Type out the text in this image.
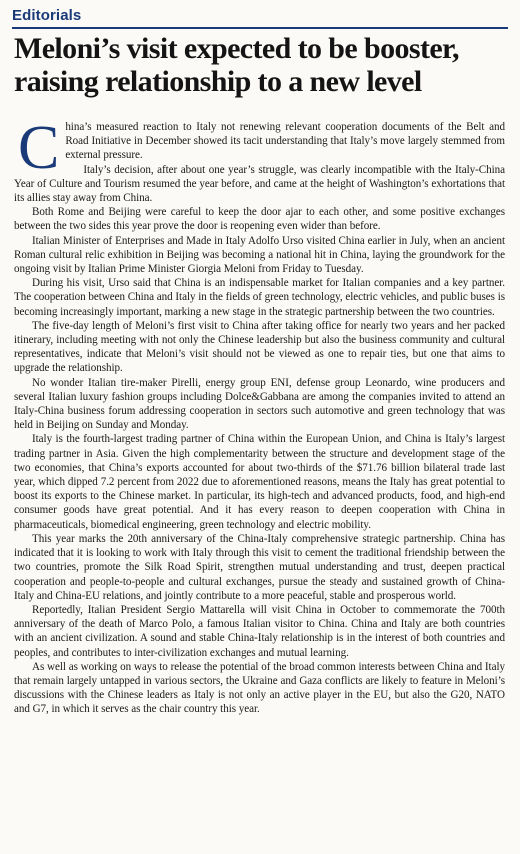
Editorials
Meloni’s visit expected to be booster, raising relationship to a new level

China’s measured reaction to Italy not renewing relevant cooperation documents of the Belt and Road Initiative in December showed its tacit understanding that Italy’s move largely stemmed from external pressure.

Italy’s decision, after about one year’s struggle, was clearly incompatible with the Italy-China Year of Culture and Tourism resumed the year before, and came at the height of Washington’s exhortations that its allies stay away from China.

Both Rome and Beijing were careful to keep the door ajar to each other, and some positive exchanges between the two sides this year prove the door is reopening even wider than before.

Italian Minister of Enterprises and Made in Italy Adolfo Urso visited China earlier in July, when an ancient Roman cultural relic exhibition in Beijing was becoming a national hit in China, laying the groundwork for the ongoing visit by Italian Prime Minister Giorgia Meloni from Friday to Tuesday.

During his visit, Urso said that China is an indispensable market for Italian companies and a key partner. The cooperation between China and Italy in the fields of green technology, electric vehicles, and public buses is becoming increasingly important, marking a new stage in the strategic partnership between the two countries.

The five-day length of Meloni’s first visit to China after taking office for nearly two years and her packed itinerary, including meeting with not only the Chinese leadership but also the business community and cultural representatives, indicate that Meloni’s visit should not be viewed as one to repair ties, but one that aims to upgrade the relationship.

No wonder Italian tire-maker Pirelli, energy group ENI, defense group Leonardo, wine producers and several Italian luxury fashion groups including Dolce&Gabbana are among the companies invited to attend an Italy-China business forum addressing cooperation in sectors such automotive and green technology that was held in Beijing on Sunday and Monday.

Italy is the fourth-largest trading partner of China within the European Union, and China is Italy’s largest trading partner in Asia. Given the high complementarity between the structure and development stage of the two economies, that China’s exports accounted for about two-thirds of the $71.76 billion bilateral trade last year, which dipped 7.2 percent from 2022 due to aforementioned reasons, means the Italy has great potential to boost its exports to the Chinese market. In particular, its high-tech and advanced products, food, and high-end consumer goods have great potential. And it has every reason to deepen cooperation with China in pharmaceuticals, biomedical engineering, green technology and electric mobility.

This year marks the 20th anniversary of the China-Italy comprehensive strategic partnership. China has indicated that it is looking to work with Italy through this visit to cement the traditional friendship between the two countries, promote the Silk Road Spirit, strengthen mutual understanding and trust, deepen practical cooperation and people-to-people and cultural exchanges, pursue the steady and sustained growth of China-Italy and China-EU relations, and jointly contribute to a more peaceful, stable and prosperous world.

Reportedly, Italian President Sergio Mattarella will visit China in October to commemorate the 700th anniversary of the death of Marco Polo, a famous Italian visitor to China. China and Italy are both countries with an ancient civilization. A sound and stable China-Italy relationship is in the interest of both countries and peoples, and contributes to inter-civilization exchanges and mutual learning.

As well as working on ways to release the potential of the broad common interests between China and Italy that remain largely untapped in various sectors, the Ukraine and Gaza conflicts are likely to feature in Meloni’s discussions with the Chinese leaders as Italy is not only an active player in the EU, but also the G20, NATO and G7, in which it serves as the chair country this year.
